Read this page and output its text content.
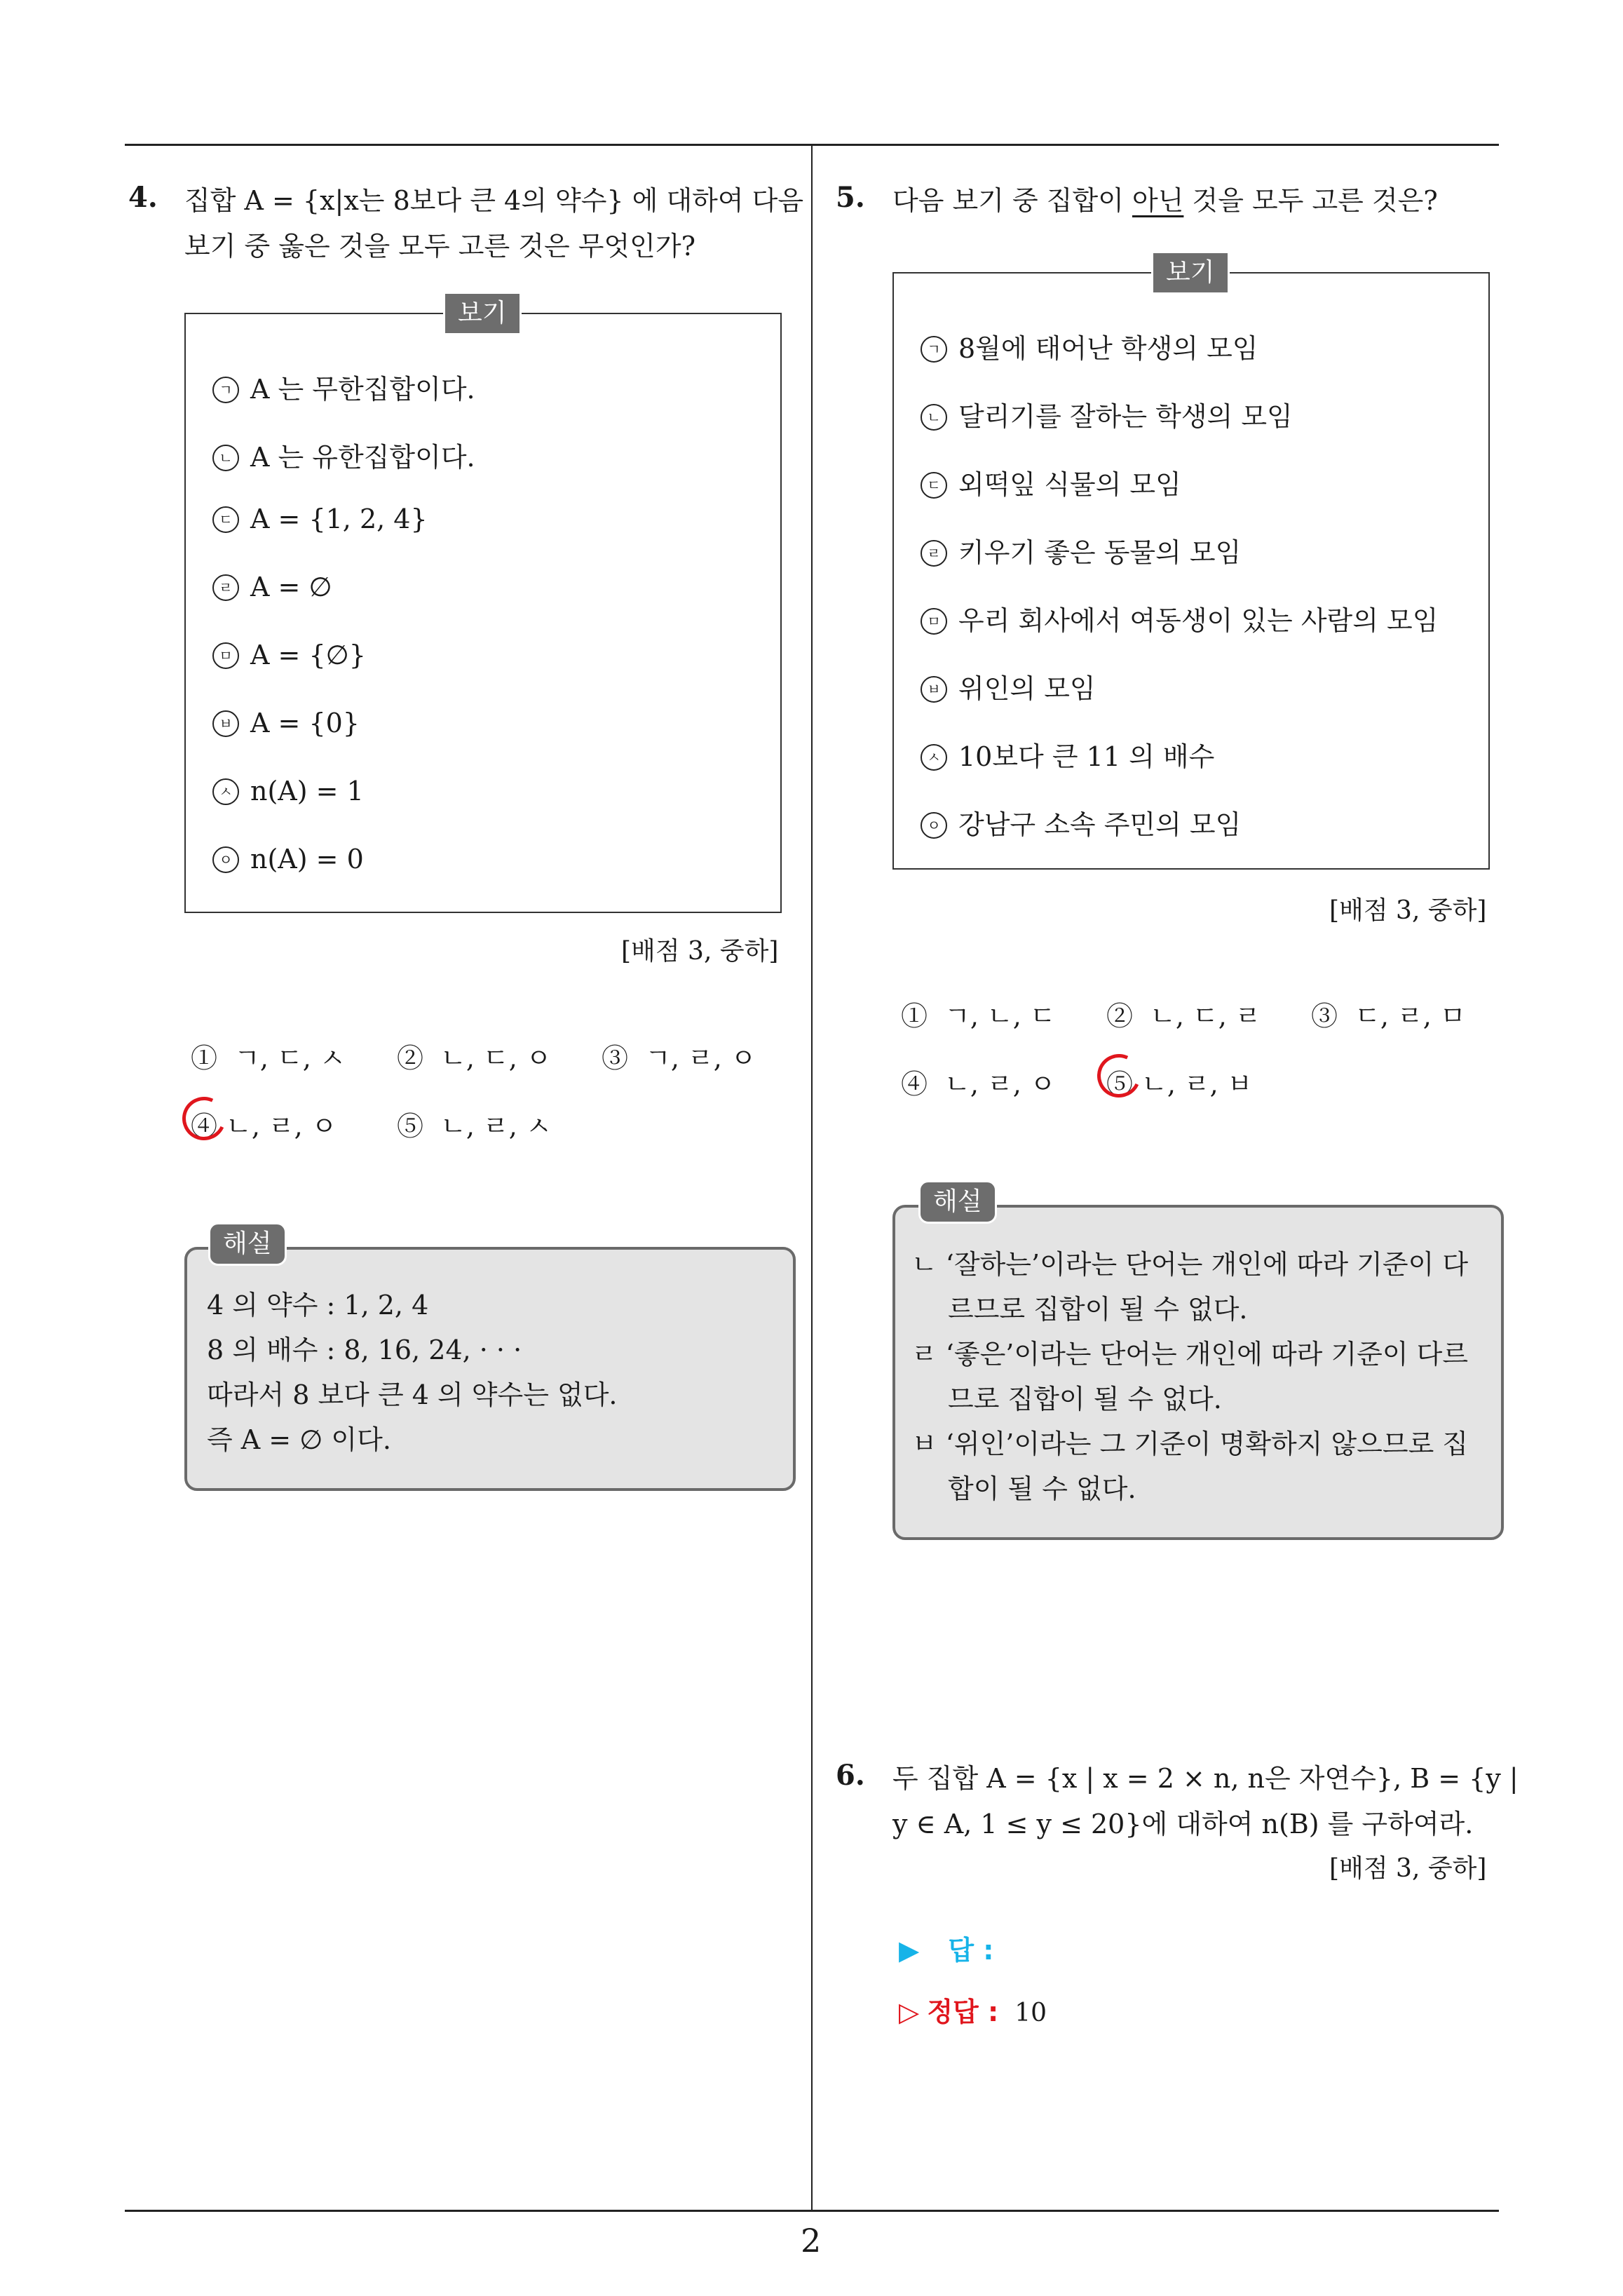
4. 집합 A = {x|x는 8보다 큰 4의 약수} 에 대하여 다음
보기 중 옳은 것을 모두 고른 것은 무엇인가?
보기
ㄱ A 는 무한집합이다.
ㄴ A 는 유한집합이다.
ㄷ A = {1, 2, 4}
ㄹ A = ∅
ㅁ A = {∅}
ㅂ A = {0}
ㅅ n(A) = 1
ㅇ n(A) = 0
[배점 3, 중하]
① ㄱ, ㄷ, ㅅ ② ㄴ, ㄷ, ㅇ ③ ㄱ, ㄹ, ㅇ
④ ㄴ, ㄹ, ㅇ ⑤ ㄴ, ㄹ, ㅅ
해설
4 의 약수 : 1, 2, 4
8 의 배수 : 8, 16, 24, · · ·
따라서 8 보다 큰 4 의 약수는 없다.
즉 A = ∅ 이다.
5. 다음 보기 중 집합이 아닌 것을 모두 고른 것은?
보기
ㄱ 8월에 태어난 학생의 모임
ㄴ 달리기를 잘하는 학생의 모임
ㄷ 외떡잎 식물의 모임
ㄹ 키우기 좋은 동물의 모임
ㅁ 우리 회사에서 여동생이 있는 사람의 모임
ㅂ 위인의 모임
ㅅ 10보다 큰 11 의 배수
ㅇ 강남구 소속 주민의 모임
[배점 3, 중하]
① ㄱ, ㄴ, ㄷ ② ㄴ, ㄷ, ㄹ ③ ㄷ, ㄹ, ㅁ
④ ㄴ, ㄹ, ㅇ ⑤ ㄴ, ㄹ, ㅂ
해설
ㄴ ‘잘하는’이라는 단어는 개인에 따라 기준이 다
르므로 집합이 될 수 없다.
ㄹ ‘좋은’이라는 단어는 개인에 따라 기준이 다르
므로 집합이 될 수 없다.
ㅂ ‘위인’이라는 그 기준이 명확하지 않으므로 집
합이 될 수 없다.
6. 두 집합 A = {x | x = 2 × n, n은 자연수}, B = {y |
y ∈ A, 1 ≤ y ≤ 20}에 대하여 n(B) 를 구하여라.
[배점 3, 중하]
▶ 답 :
▷ 정답 : 10
2
